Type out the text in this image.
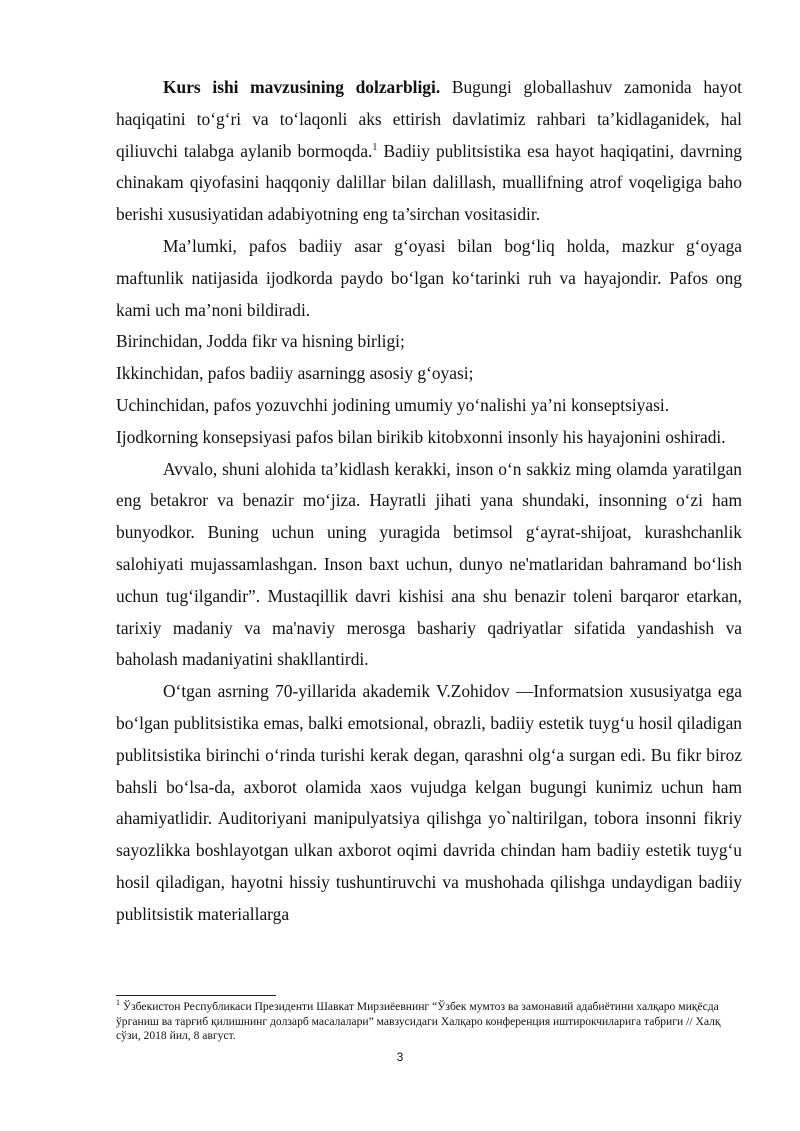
Kurs ishi mavzusining dolzarbligi. Bugungi globallashuv zamonida hayot haqiqatini to‘g‘ri va to‘laqonli aks ettirish davlatimiz rahbari ta’kidlaganidek, hal qiliuvchi talabga aylanib bormoqda.$^1$ Badiiy publitsistika esa hayot haqiqatini, davrning chinakam qiyofasini haqqoniy dalillar bilan dalillash, muallifning atrof voqeligiga baho berishi xususiyatidan adabiyotning eng ta’sirchan vositasidir.

Ma’lumki, pafos badiiy asar g‘oyasi bilan bog‘liq holda, mazkur g‘oyaga maftunlik natijasida ijodkorda paydo bo‘lgan ko‘tarinki ruh va hayajondir. Pafos ong kami uch ma’noni bildiradi.

Birinchidan, Jodda fikr va hisning birligi;

Ikkinchidan, pafos badiiy asarningg asosiy g‘oyasi;

Uchinchidan, pafos yozuvchhi jodining umumiy yo‘nalishi ya’ni konseptsiyasi.

Ijodkorning konsepsiyasi pafos bilan birikib kitobxonni insonly his hayajonini oshiradi.

Avvalo, shuni alohida ta’kidlash kerakki, inson o‘n sakkiz ming olamda yaratilgan eng betakror va benazir mo‘jiza. Hayratli jihati yana shundaki, insonning o‘zi ham bunyodkor. Buning uchun uning yuragida betimsol g‘ayrat-shijoat, kurashchanlik salohiyati mujassamlashgan. Inson baxt uchun, dunyo ne'matlaridan bahramand bo‘lish uchun tug‘ilgandir”. Mustaqillik davri kishisi ana shu benazir toleni barqaror etarkan, tarixiy madaniy va ma'naviy merosga bashariy qadriyatlar sifatida yandashish va baholash madaniyatini shakllantirdi.

O‘tgan asrning 70-yillarida akademik V.Zohidov —Informatsion xususiyatga ega bo‘lgan publitsistika emas, balki emotsional, obrazli, badiiy estetik tuyg‘u hosil qiladigan publitsistika birinchi o‘rinda turishi kerak degan, qarashni olg‘a surgan edi. Bu fikr biroz bahsli bo‘lsa-da, axborot olamida xaos vujudga kelgan bugungi kunimiz uchun ham ahamiyatlidir. Auditoriyani manipulyatsiya qilishga yo`naltirilgan, tobora insonni fikriy sayozlikka boshlayotgan ulkan axborot oqimi davrida chindan ham badiiy estetik tuyg‘u hosil qiladigan, hayotni hissiy tushuntiruvchi va mushohada qilishga undaydigan badiiy publitsistik materiallarga

$^1$ Ўзбекистон Республикаси Президенти Шавкат Мирзиёевнинг “Ўзбек мумтоз ва замонавий адабиётини халқаро миқёсда ўрганиш ва тарғиб қилишнинг долзарб масалалари” мавзусидаги Халқаро конференция иштирокчиларига табриги // Халқ сўзи, 2018 йил, 8 август.
3
